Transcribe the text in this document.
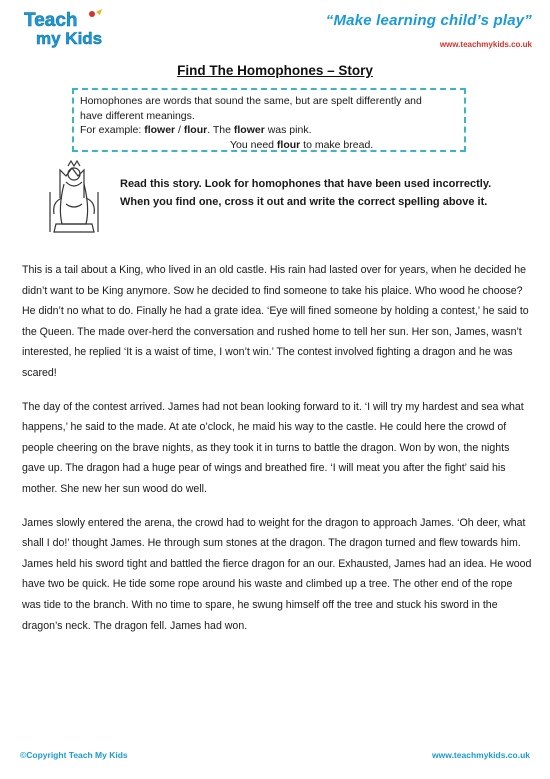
Teach
my Kids
“Make learning child’s play”
www.teachmykids.co.uk
Find The Homophones – Story

Homophones are words that sound the same, but are spelt differently and

have different meanings.

For example: flower / flour. The flower was pink.

You need flour to make bread.

Read this story. Look for homophones that have been used incorrectly. When you find one, cross it out and write the correct spelling above it.

This is a tail about a King, who lived in an old castle. His rain had lasted over for years, when he decided he didn’t want to be King anymore. Sow he decided to find someone to take his plaice. Who wood he choose? He didn’t no what to do. Finally he had a grate idea. ‘Eye will fined someone by holding a contest,’ he said to the Queen. The made over-herd the conversation and rushed home to tell her sun. Her son, James, wasn’t interested, he replied ‘It is a waist of time, I won’t win.’ The contest involved fighting a dragon and he was scared!

The day of the contest arrived. James had not bean looking forward to it. ‘I will try my hardest and sea what happens,’ he said to the made. At ate o’clock, he maid his way to the castle. He could here the crowd of people cheering on the brave nights, as they took it in turns to battle the dragon. Won by won, the nights gave up. The dragon had a huge pear of wings and breathed fire. ‘I will meat you after the fight’ said his mother. She new her sun wood do well.

James slowly entered the arena, the crowd had to weight for the dragon to approach James. ‘Oh deer, what shall I do!’ thought James. He through sum stones at the dragon. The dragon turned and flew towards him. James held his sword tight and battled the fierce dragon for an our. Exhausted, James had an idea. He wood have two be quick. He tide some rope around his waste and climbed up a tree. The other end of the rope was tide to the branch. With no time to spare, he swung himself off the tree and stuck his sword in the dragon’s neck. The dragon fell. James had won.

©Copyright Teach My Kids	www.teachmykids.co.uk
